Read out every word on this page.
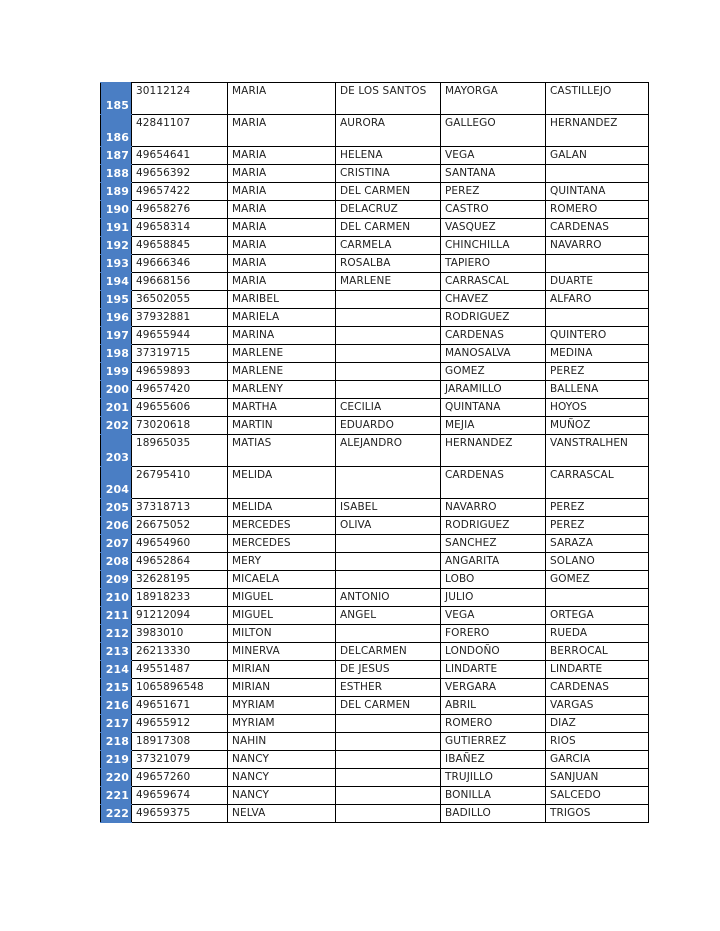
185	30112124	MARIA	DE LOS SANTOS	MAYORGA	CASTILLEJO
186	42841107	MARIA	AURORA	GALLEGO	HERNANDEZ
187	49654641	MARIA	HELENA	VEGA	GALAN
188	49656392	MARIA	CRISTINA	SANTANA	
189	49657422	MARIA	DEL CARMEN	PEREZ	QUINTANA
190	49658276	MARIA	DELACRUZ	CASTRO	ROMERO
191	49658314	MARIA	DEL CARMEN	VASQUEZ	CARDENAS
192	49658845	MARIA	CARMELA	CHINCHILLA	NAVARRO
193	49666346	MARIA	ROSALBA	TAPIERO	
194	49668156	MARIA	MARLENE	CARRASCAL	DUARTE
195	36502055	MARIBEL		CHAVEZ	ALFARO
196	37932881	MARIELA		RODRIGUEZ	
197	49655944	MARINA		CARDENAS	QUINTERO
198	37319715	MARLENE		MANOSALVA	MEDINA
199	49659893	MARLENE		GOMEZ	PEREZ
200	49657420	MARLENY		JARAMILLO	BALLENA
201	49655606	MARTHA	CECILIA	QUINTANA	HOYOS
202	73020618	MARTIN	EDUARDO	MEJIA	MUÑOZ
203	18965035	MATIAS	ALEJANDRO	HERNANDEZ	VANSTRALHEN
204	26795410	MELIDA		CARDENAS	CARRASCAL
205	37318713	MELIDA	ISABEL	NAVARRO	PEREZ
206	26675052	MERCEDES	OLIVA	RODRIGUEZ	PEREZ
207	49654960	MERCEDES		SANCHEZ	SARAZA
208	49652864	MERY		ANGARITA	SOLANO
209	32628195	MICAELA		LOBO	GOMEZ
210	18918233	MIGUEL	ANTONIO	JULIO	
211	91212094	MIGUEL	ANGEL	VEGA	ORTEGA
212	3983010	MILTON		FORERO	RUEDA
213	26213330	MINERVA	DELCARMEN	LONDOÑO	BERROCAL
214	49551487	MIRIAN	DE JESUS	LINDARTE	LINDARTE
215	1065896548	MIRIAN	ESTHER	VERGARA	CARDENAS
216	49651671	MYRIAM	DEL CARMEN	ABRIL	VARGAS
217	49655912	MYRIAM		ROMERO	DIAZ
218	18917308	NAHIN		GUTIERREZ	RIOS
219	37321079	NANCY		IBAÑEZ	GARCIA
220	49657260	NANCY		TRUJILLO	SANJUAN
221	49659674	NANCY		BONILLA	SALCEDO
222	49659375	NELVA		BADILLO	TRIGOS
